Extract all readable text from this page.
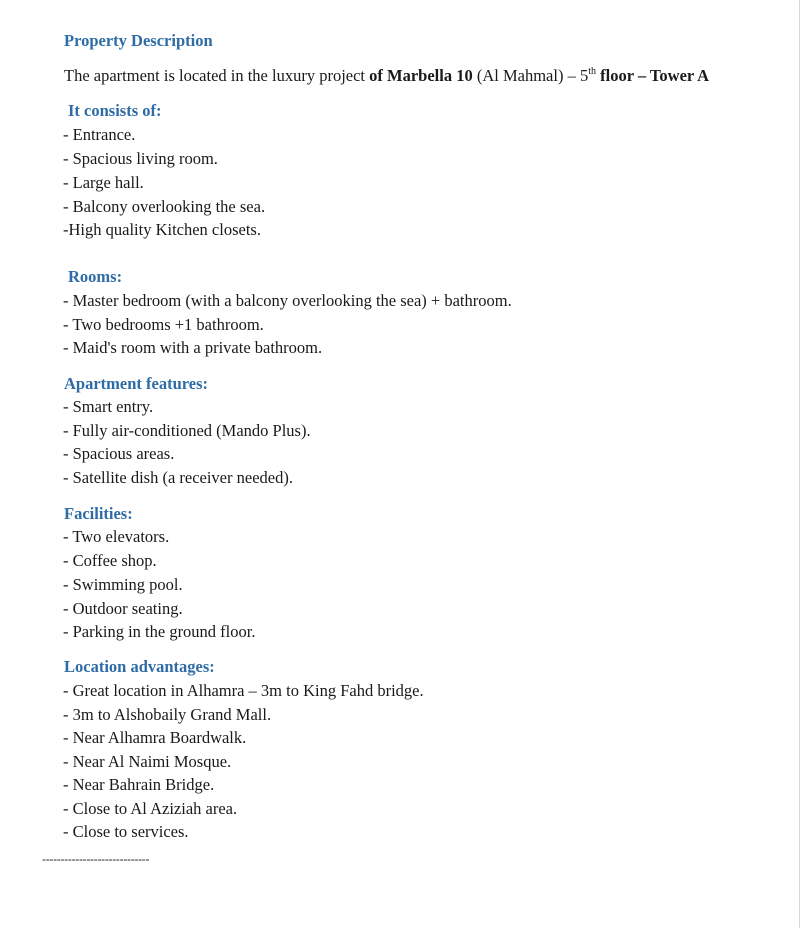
Property Description
The apartment is located in the luxury project of Marbella 10 (Al Mahmal) – 5th floor – Tower A
It consists of:
- Entrance.
- Spacious living room.
- Large hall.
- Balcony overlooking the sea.
-High quality Kitchen closets.
Rooms:
- Master bedroom (with a balcony overlooking the sea) + bathroom.
- Two bedrooms +1 bathroom.
- Maid's room with a private bathroom.
Apartment features:
- Smart entry.
- Fully air-conditioned (Mando Plus).
- Spacious areas.
- Satellite dish (a receiver needed).
Facilities:
- Two elevators.
- Coffee shop.
- Swimming pool.
- Outdoor seating.
- Parking in the ground floor.
Location advantages:
- Great location in Alhamra – 3m to King Fahd bridge.
- 3m to Alshobaily Grand Mall.
- Near Alhamra Boardwalk.
- Near Al Naimi Mosque.
- Near Bahrain Bridge.
- Close to Al Aziziah area.
- Close to services.
-----------------------------
